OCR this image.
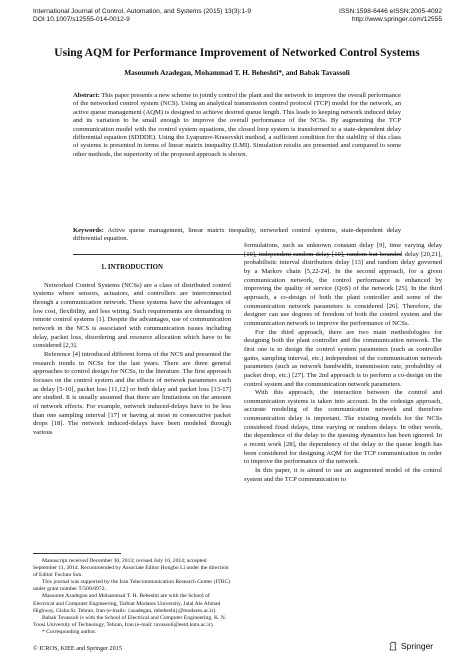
International Journal of Control, Automation, and Systems (2015) 13(3):1-9
DOI 10.1007/s12555-014-0012-9
ISSN:1598-6446 eISSN:2005-4092
http://www.springer.com/12555
Using AQM for Performance Improvement of Networked Control Systems
Masoumeh Azadegan, Mohammad T. H. Beheshti*, and Babak Tavassoli
Abstract: This paper presents a new scheme to jointly control the plant and the network to improve the overall performance of the networked control system (NCS). Using an analytical transmission control protocol (TCP) model for the network, an active queue management (AQM) is designed to achieve desired queue length. This leads to keeping network induced delay and its variation to be small enough to improve the overall performance of the NCSs. By augmenting the TCP communication model with the control system equations, the closed loop system is transformed to a state-dependent delay differential equation (SDDDE). Using the Lyapunov-Krasovskii method, a sufficient condition for the stability of this class of systems is presented in terms of linear matrix inequality (LMI). Simulation results are presented and compared to some other methods, the superiority of the proposed approach is shown.
Keywords: Active queue management, linear matrix inequality, networked control systems, state-dependent delay differential equation.
1. INTRODUCTION

Networked Control Systems (NCSs) are a class of distributed control systems where sensors, actuators, and controllers are interconnected through a communication network. These systems have the advantages of low cost, flexibility, and less wiring. Such requirements are demanding in remote control systems [1]. Despite the advantages, use of communication network in the NCS is associated with communication issues including delay, packet loss, disordering and resource allocation which have to be considered [2,3].

Reference [4] introduced different forms of the NCS and presented the research trends in NCSs for the last years. There are three general approaches to control design for NCSs, in the literature. The first approach focuses on the control system and the effects of network parameters such as delay [5-10], packet loss [11,12] or both delay and packet loss [13-17] are studied. It is usually assumed that there are limitations on the amount of network effects. For example, network induced-delays have to be less than one sampling interval [17] or having at most m consecutive packet drops [18]. The network induced-delays have been modeled through various

formulations, such as unknown constant delay [9], time varying delay [19], independent random delay [10], random but bounded delay [20,21], probabilistic interval distribution delay [13] and random delay governed by a Markov chain [5,22-24]. In the second approach, for a given communication network, the control performance is enhanced by improving the quality of service (QoS) of the network [25]. In the third approach, a co-design of both the plant controller and some of the communication network parameters is considered [26]. Therefore, the designer can use degrees of freedom of both the control system and the communication network to improve the performance of NCSs.

For the third approach, there are two main methodologies for designing both the plant controller and the communication network. The first one is to design the control system parameters (such as controller gains, sampling interval, etc.) independent of the communication network parameters (such as network bandwidth, transmission rate, probability of packet drop, etc.) [27]. The 2nd approach is to perform a co-design on the control system and the communication network parameters.

With this approach, the interaction between the control and communication systems is taken into account. In the codesign approach, accurate modeling of the communication network and therefore communication delay is important. The existing models for the NCSs considered fixed delays, time varying or random delays. In other words, the dependence of the delay to the queuing dynamics has been ignored. In a recent work [28], the dependency of the delay to the queue length has been considered for designing AQM for the TCP communication in order to improve the performance of the network.

In this paper, it is aimed to use an augmented model of the control system and the TCP communication to

Manuscript received December 30, 2013; revised July 16, 2014; accepted September 11, 2014. Recommended by Associate Editor Hongbo Li under the direction of Editor Fuchun Sun.

This journal was supported by the Iran Telecommunication Research Center (ITRC) under grant number T/500/6972.

Masoume Azadegan and Mohammad T. H. Beheshti are with the School of Electrical and Computer Engineering, Tarbiat Modares University, Jalal Ale Ahmad Highway, Gisha St. Tehran, Iran (e-mails: {azadegan, mbehesht}@modares.ac.ir).

Babak Tavassoli is with the School of Electrical and Computer Engineering, K. N. Toosi University of Technology, Tehran, Iran (e-mail: tavassoli@eetd.kntu.ac.ir).

* Corresponding author.

© ICROS, KIEE and Springer 2015	Springer
